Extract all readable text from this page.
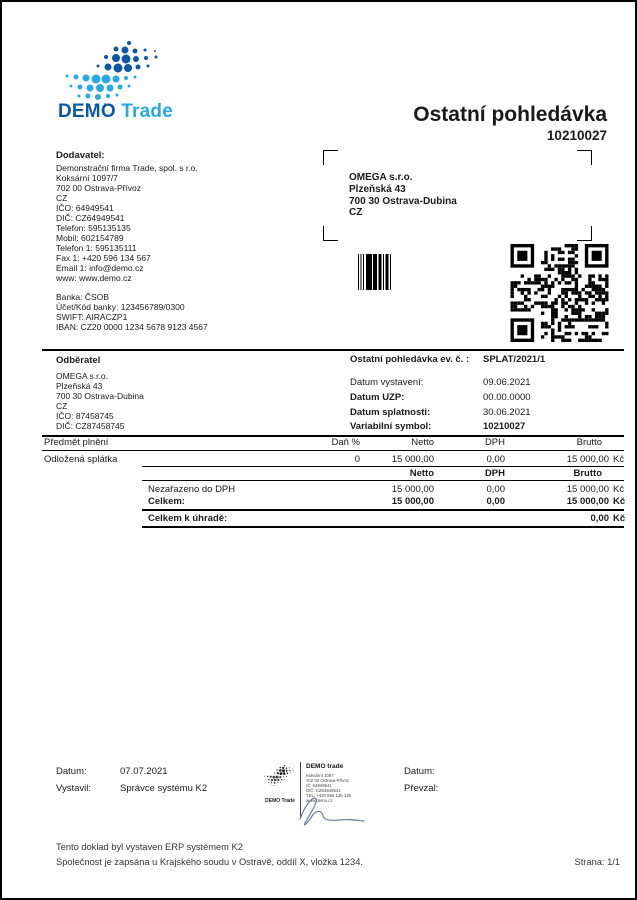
DEMO Trade	Ostatní pohledávka
10210027
Dodavatel:
Demonstrační firma Trade, spol. s r.o.
Koksární 1097/7
702 00 Ostrava-Přívoz
CZ
IČO: 64949541
DIČ: CZ64949541
Telefon: 595135135
Mobil: 602154789
Telefon 1: 595135111
Fax 1: +420 596 134 567
Email 1: info@demo.cz
www: www.demo.cz
Banka: ČSOB
Účet/Kód banky: 123456789/0300
SWIFT: AIRACZP1
IBAN: CZ20 0000 1234 5678 9123 4567
OMEGA s.r.o.
Plzeňská 43
700 30 Ostrava-Dubina
CZ
Odběratel
OMEGA s.r.o.
Plzeňská 43
700 30 Ostrava-Dubina
CZ
IČO: 87458745
DIČ: CZ87458745
Ostatní pohledávka ev. č. : SPLAT/2021/1
Datum vystavení:	09.06.2021
Datum UZP:	00.00.0000
Datum splatnosti:	30.06.2021
Variabilní symbol:	10210027
Předmět plnění	Daň %	Netto	DPH	Brutto
Odložená splátka	0	15 000,00	0,00	15 000,00 Kč
Netto	DPH	Brutto
Nezařazeno do DPH	15 000,00	0,00	15 000,00 Kč
Celkem:	15 000,00	0,00	15 000,00 Kč
Celkem k úhradě:	0,00 Kč
Datum:	07.07.2021
Vystavil:	Správce systému K2
Datum:
Převzal:
DEMO Trade
DEMO trade
Koksární 1097
702 00 Ostrava-Přívoz
IČ: 64949541
DIČ: CZ64949541
TEL: +420 595 135 135
www.demo.cz
Tento doklad byl vystaven ERP systémem K2
Společnost je zapsána u Krajského soudu v Ostravě, oddíl X, vložka 1234.	Strana: 1/1
